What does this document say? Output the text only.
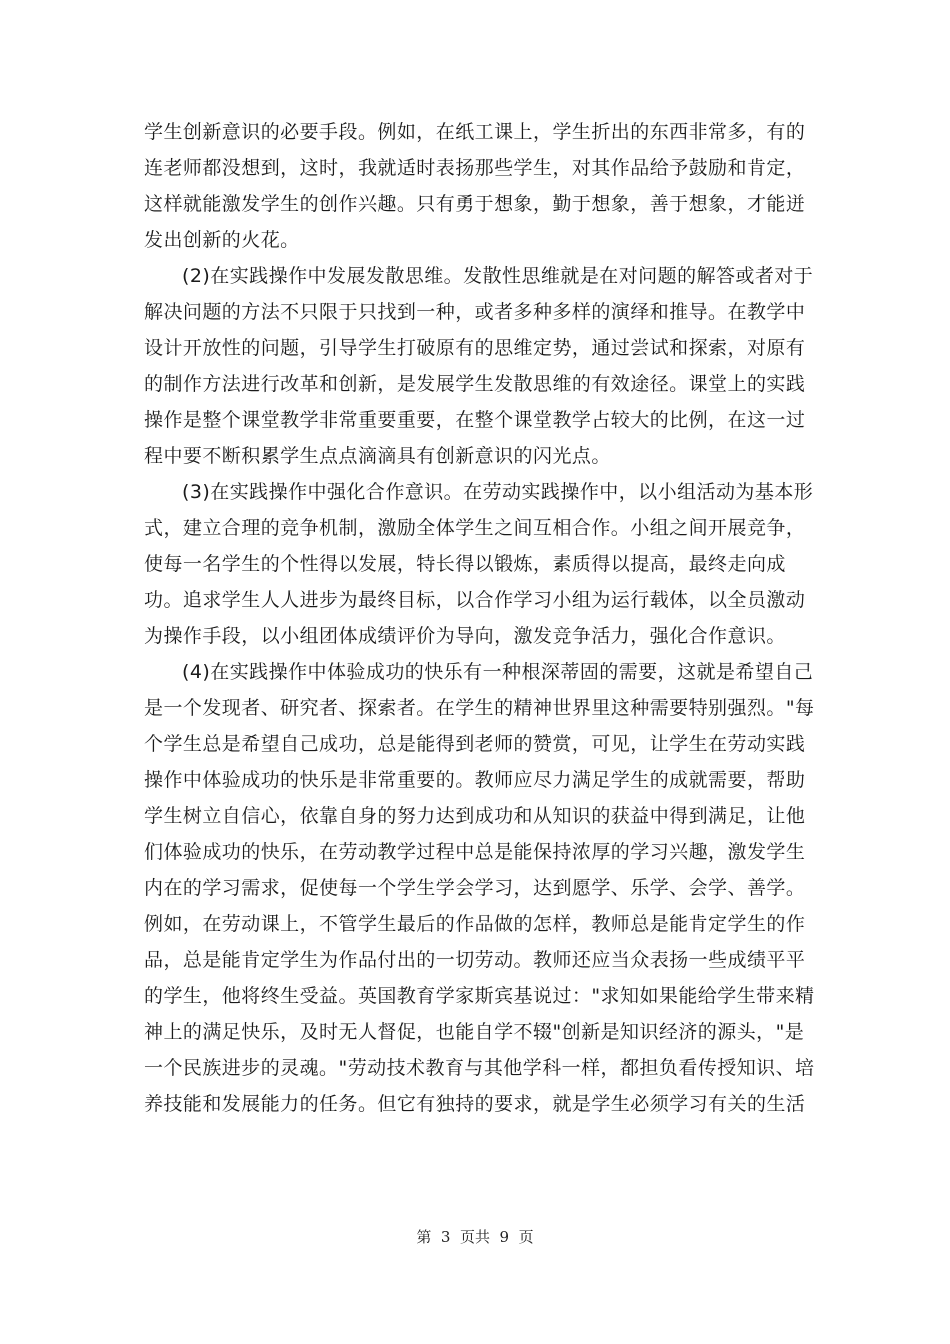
学生创新意识的必要手段。例如，在纸工课上，学生折出的东西非常多，有的
连老师都没想到，这时，我就适时表扬那些学生，对其作品给予鼓励和肯定，
这样就能激发学生的创作兴趣。只有勇于想象，勤于想象，善于想象，才能迸
发出创新的火花。
(2)在实践操作中发展发散思维。发散性思维就是在对问题的解答或者对于
解决问题的方法不只限于只找到一种，或者多种多样的演绎和推导。在教学中
设计开放性的问题，引导学生打破原有的思维定势，通过尝试和探索，对原有
的制作方法进行改革和创新，是发展学生发散思维的有效途径。课堂上的实践
操作是整个课堂教学非常重要重要，在整个课堂教学占较大的比例，在这一过
程中要不断积累学生点点滴滴具有创新意识的闪光点。
(3)在实践操作中强化合作意识。在劳动实践操作中，以小组活动为基本形
式，建立合理的竞争机制，激励全体学生之间互相合作。小组之间开展竞争，
使每一名学生的个性得以发展，特长得以锻炼，素质得以提高，最终走向成
功。追求学生人人进步为最终目标，以合作学习小组为运行载体，以全员激动
为操作手段，以小组团体成绩评价为导向，激发竞争活力，强化合作意识。
(4)在实践操作中体验成功的快乐有一种根深蒂固的需要，这就是希望自己
是一个发现者、研究者、探索者。在学生的精神世界里这种需要特别强烈。"每
个学生总是希望自己成功，总是能得到老师的赞赏，可见，让学生在劳动实践
操作中体验成功的快乐是非常重要的。教师应尽力满足学生的成就需要，帮助
学生树立自信心，依靠自身的努力达到成功和从知识的获益中得到满足，让他
们体验成功的快乐，在劳动教学过程中总是能保持浓厚的学习兴趣，激发学生
内在的学习需求，促使每一个学生学会学习，达到愿学、乐学、会学、善学。
例如，在劳动课上，不管学生最后的作品做的怎样，教师总是能肯定学生的作
品，总是能肯定学生为作品付出的一切劳动。教师还应当众表扬一些成绩平平
的学生，他将终生受益。英国教育学家斯宾基说过："求知如果能给学生带来精
神上的满足快乐，及时无人督促，也能自学不辍"创新是知识经济的源头，"是
一个民族进步的灵魂。"劳动技术教育与其他学科一样，都担负看传授知识、培
养技能和发展能力的任务。但它有独持的要求，就是学生必须学习有关的生活
第  3  页共  9  页
